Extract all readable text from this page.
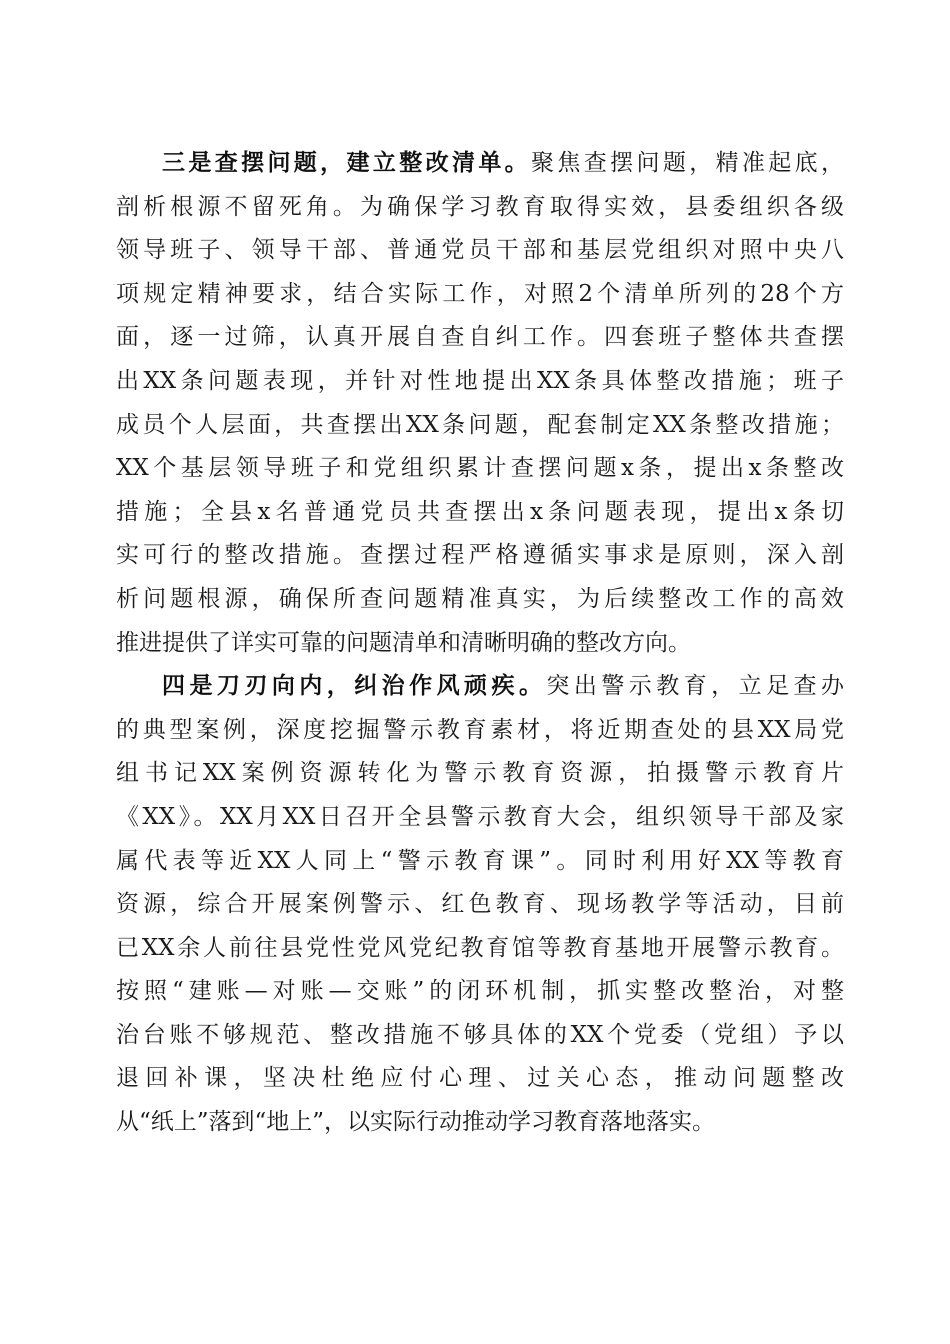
三是查摆问题，建立整改清单。聚焦查摆问题，精准起底，
剖析根源不留死角。为确保学习教育取得实效，县委组织各级
领导班子、领导干部、普通党员干部和基层党组织对照中央八
项规定精神要求，结合实际工作，对照2个清单所列的28个方
面，逐一过筛，认真开展自查自纠工作。四套班子整体共查摆
出XX条问题表现，并针对性地提出XX条具体整改措施；班子
成员个人层面，共查摆出XX条问题，配套制定XX条整改措施；
XX个基层领导班子和党组织累计查摆问题x条，提出x条整改
措施；全县x名普通党员共查摆出x条问题表现，提出x条切
实可行的整改措施。查摆过程严格遵循实事求是原则，深入剖
析问题根源，确保所查问题精准真实，为后续整改工作的高效
推进提供了详实可靠的问题清单和清晰明确的整改方向。
四是刀刃向内，纠治作风顽疾。突出警示教育，立足查办
的典型案例，深度挖掘警示教育素材，将近期查处的县XX局党
组书记XX案例资源转化为警示教育资源，拍摄警示教育片
《XX》。XX月XX日召开全县警示教育大会，组织领导干部及家
属代表等近XX人同上“警示教育课”。同时利用好XX等教育
资源，综合开展案例警示、红色教育、现场教学等活动，目前
已XX余人前往县党性党风党纪教育馆等教育基地开展警示教育。
按照“建账—对账—交账”的闭环机制，抓实整改整治，对整
治台账不够规范、整改措施不够具体的XX个党委（党组）予以
退回补课，坚决杜绝应付心理、过关心态，推动问题整改
从“纸上”落到“地上”，以实际行动推动学习教育落地落实。
